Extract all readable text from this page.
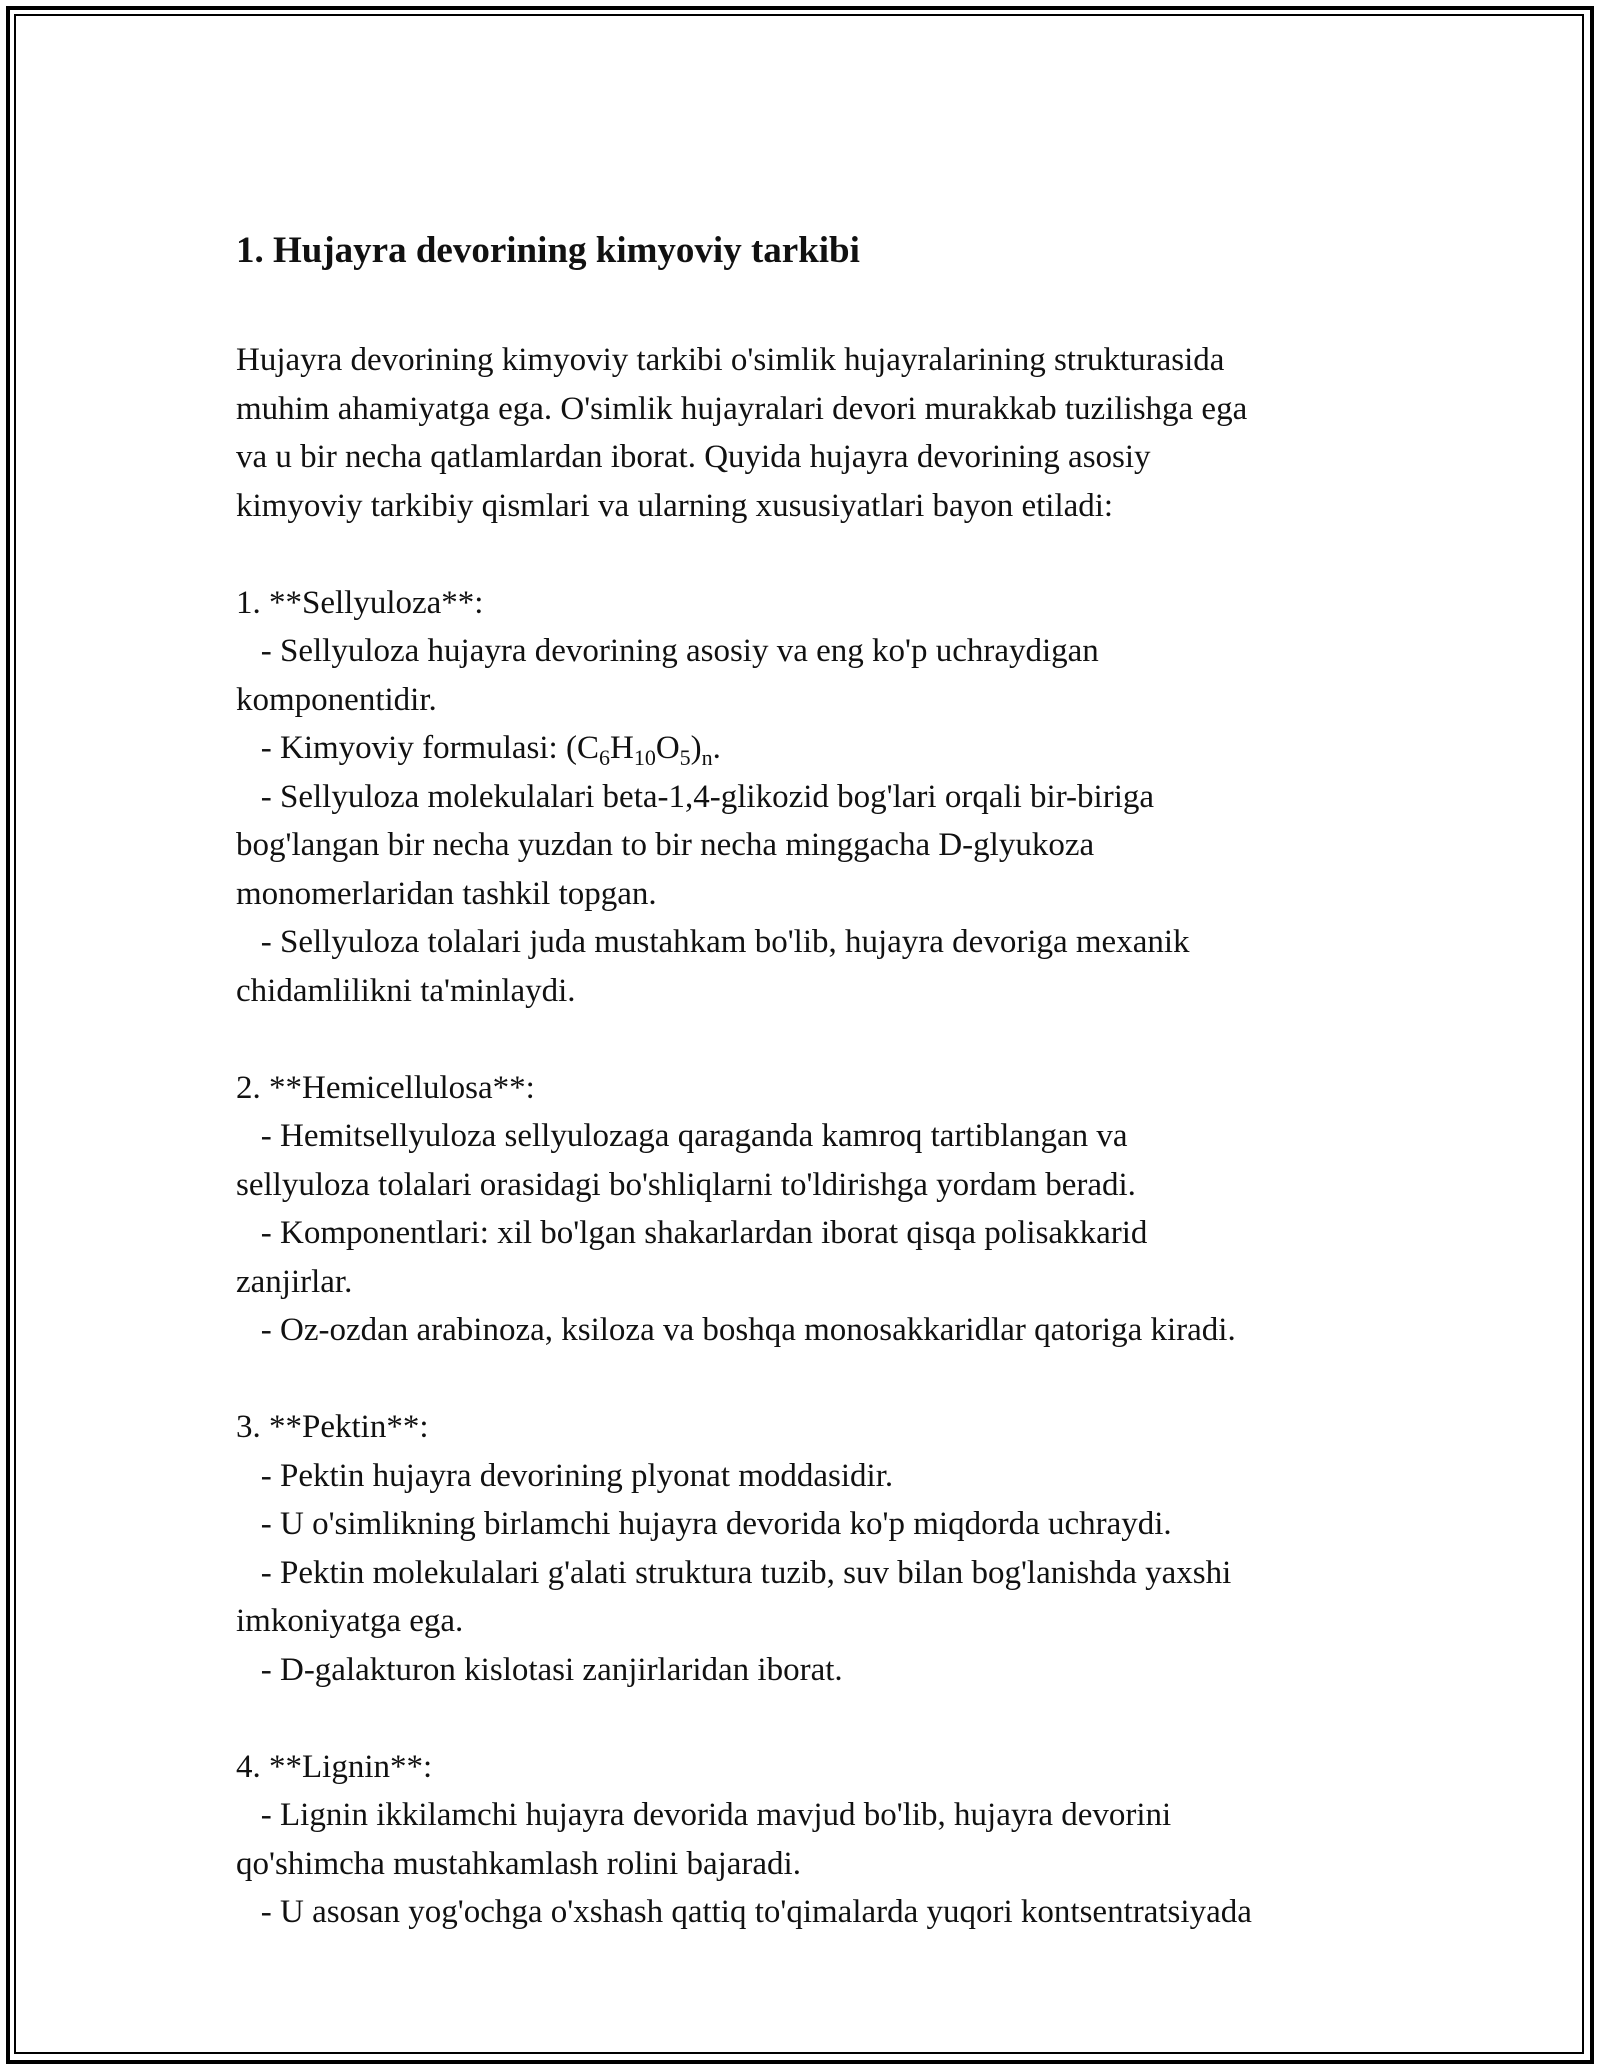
1. Hujayra devorining kimyoviy tarkibi

Hujayra devorining kimyoviy tarkibi o'simlik hujayralarining strukturasida
muhim ahamiyatga ega. O'simlik hujayralari devori murakkab tuzilishga ega
va u bir necha qatlamlardan iborat. Quyida hujayra devorining asosiy
kimyoviy tarkibiy qismlari va ularning xususiyatlari bayon etiladi:

1. **Sellyuloza**:
- Sellyuloza hujayra devorining asosiy va eng ko'p uchraydigan
komponentidir.
- Kimyoviy formulasi: $(C_6H_{10}O_5)_n$.
- Sellyuloza molekulalari beta-1,4-glikozid bog'lari orqali bir-biriga
bog'langan bir necha yuzdan to bir necha minggacha D-glyukoza
monomerlaridan tashkil topgan.
- Sellyuloza tolalari juda mustahkam bo'lib, hujayra devoriga mexanik
chidamlilikni ta'minlaydi.

2. **Hemicellulosa**:
- Hemitsellyuloza sellyulozaga qaraganda kamroq tartiblangan va
sellyuloza tolalari orasidagi bo'shliqlarni to'ldirishga yordam beradi.
- Komponentlari: xil bo'lgan shakarlardan iborat qisqa polisakkarid
zanjirlar.
- Oz-ozdan arabinoza, ksiloza va boshqa monosakkaridlar qatoriga kiradi.

3. **Pektin**:
- Pektin hujayra devorining plyonat moddasidir.
- U o'simlikning birlamchi hujayra devorida ko'p miqdorda uchraydi.
- Pektin molekulalari g'alati struktura tuzib, suv bilan bog'lanishda yaxshi
imkoniyatga ega.
- D-galakturon kislotasi zanjirlaridan iborat.

4. **Lignin**:
- Lignin ikkilamchi hujayra devorida mavjud bo'lib, hujayra devorini
qo'shimcha mustahkamlash rolini bajaradi.
- U asosan yog'ochga o'xshash qattiq to'qimalarda yuqori kontsentratsiyada
